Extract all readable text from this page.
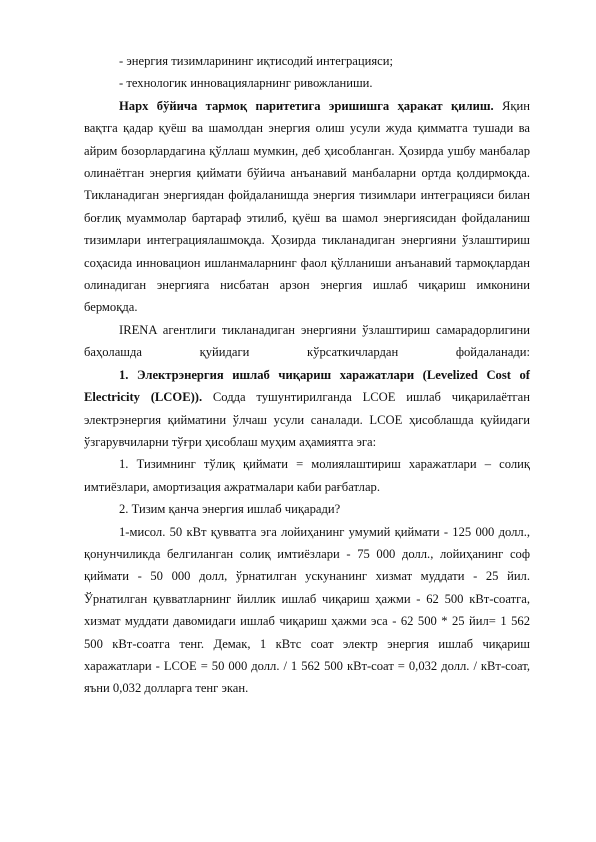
- энергия тизимларининг иқтисодий интеграцияси;

- технологик инновацияларнинг ривожланиши.

Нарх бўйича тармоқ паритетига эришишга ҳаракат қилиш. Яқин вақтга қадар қуёш ва шамолдан энергия олиш усули жуда қимматга тушади ва айрим бозорлардагина қўллаш мумкин, деб ҳисобланган. Ҳозирда ушбу манбалар олинаётган энергия қиймати бўйича анъанавий манбаларни ортда қолдирмоқда. Тикланадиган энергиядан фойдаланишда энергия тизимлари интеграцияси билан боғлиқ муаммолар бартараф этилиб, қуёш ва шамол энергиясидан фойдаланиш тизимлари интеграциялашмоқда. Ҳозирда тикланадиган энергияни ўзлаштириш соҳасида инновацион ишланмаларнинг фаол қўлланиши анъанавий тармоқлардан олинадиган энергияга нисбатан арзон энергия ишлаб чиқариш имконини бермоқда.

IRENA агентлиги тикланадиган энергияни ўзлаштириш самарадорлигини баҳолашда қуйидаги кўрсаткичлардан фойдаланади:

1. Электрэнергия ишлаб чиқариш харажатлари (Levelized Cost of Electricity (LCOE)). Содда тушунтирилганда LCOE ишлаб чиқарилаётган электрэнергия қийматини ўлчаш усули саналади. LCOE ҳисоблашда қуйидаги ўзгарувчиларни тўғри ҳисоблаш муҳим аҳамиятга эга:

1. Тизимнинг тўлиқ қиймати = молиялаштириш харажатлари – солиқ имтиёзлари, амортизация ажратмалари каби рағбатлар.

2. Тизим қанча энергия ишлаб чиқаради?

1-мисол. 50 кВт қувватга эга лойиҳанинг умумий қиймати - 125 000 долл., қонунчиликда белгиланган солиқ имтиёзлари - 75 000 долл., лойиҳанинг соф қиймати - 50 000 долл, ўрнатилган ускунанинг хизмат муддати - 25 йил. Ўрнатилган қувватларнинг йиллик ишлаб чиқариш ҳажми - 62 500 кВт-соатга, хизмат муддати давомидаги ишлаб чиқариш ҳажми эса - 62 500 * 25 йил= 1 562 500 кВт-соатга тенг. Демак, 1 кВтс соат электр энергия ишлаб чиқариш харажатлари - LCOE = 50 000 долл. / 1 562 500 кВт-соат = 0,032 долл. / кВт-соат, яъни 0,032 долларга тенг экан.
